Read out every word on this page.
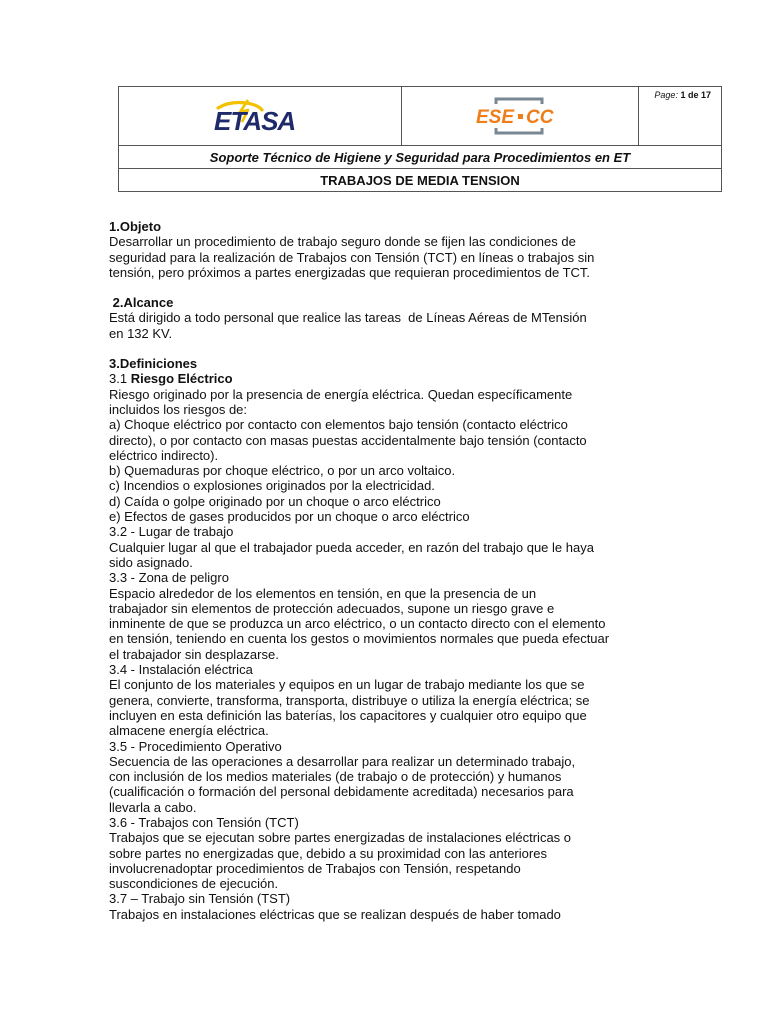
ETASA	ESE CC

Page: 1 de 17

Soporte Técnico de Higiene y Seguridad para Procedimientos en ET
TRABAJOS DE MEDIA TENSION

1.Objeto

Desarrollar un procedimiento de trabajo seguro donde se fijen las condiciones de

seguridad para la realización de Trabajos con Tensión (TCT) en líneas o trabajos sin

tensión, pero próximos a partes energizadas que requieran procedimientos de TCT.

2.Alcance

Está dirigido a todo personal que realice las tareas  de Líneas Aéreas de MTensión

en 132 KV.

3.Definiciones

3.1 Riesgo Eléctrico

Riesgo originado por la presencia de energía eléctrica. Quedan específicamente

incluidos los riesgos de:

a) Choque eléctrico por contacto con elementos bajo tensión (contacto eléctrico

directo), o por contacto con masas puestas accidentalmente bajo tensión (contacto

eléctrico indirecto).

b) Quemaduras por choque eléctrico, o por un arco voltaico.

c) Incendios o explosiones originados por la electricidad.

d) Caída o golpe originado por un choque o arco eléctrico

e) Efectos de gases producidos por un choque o arco eléctrico

3.2 - Lugar de trabajo

Cualquier lugar al que el trabajador pueda acceder, en razón del trabajo que le haya

sido asignado.

3.3 - Zona de peligro

Espacio alrededor de los elementos en tensión, en que la presencia de un

trabajador sin elementos de protección adecuados, supone un riesgo grave e

inminente de que se produzca un arco eléctrico, o un contacto directo con el elemento

en tensión, teniendo en cuenta los gestos o movimientos normales que pueda efectuar

el trabajador sin desplazarse.

3.4 - Instalación eléctrica

El conjunto de los materiales y equipos en un lugar de trabajo mediante los que se

genera, convierte, transforma, transporta, distribuye o utiliza la energía eléctrica; se

incluyen en esta definición las baterías, los capacitores y cualquier otro equipo que

almacene energía eléctrica.

3.5 - Procedimiento Operativo

Secuencia de las operaciones a desarrollar para realizar un determinado trabajo,

con inclusión de los medios materiales (de trabajo o de protección) y humanos

(cualificación o formación del personal debidamente acreditada) necesarios para

llevarla a cabo.

3.6 - Trabajos con Tensión (TCT)

Trabajos que se ejecutan sobre partes energizadas de instalaciones eléctricas o

sobre partes no energizadas que, debido a su proximidad con las anteriores

involucrenadoptar procedimientos de Trabajos con Tensión, respetando

suscondiciones de ejecución.

3.7 – Trabajo sin Tensión (TST)

Trabajos en instalaciones eléctricas que se realizan después de haber tomado
